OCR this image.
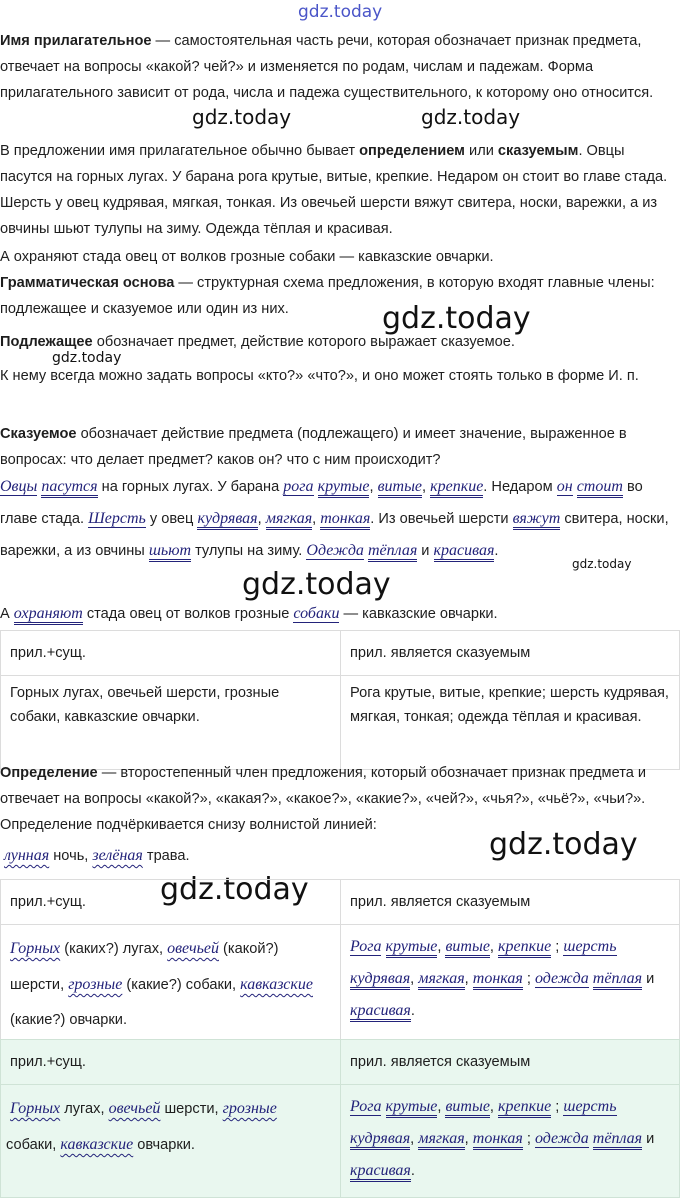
gdz.today
gdz.today	gdz.today
gdz.today
gdz.today
gdz.today
gdz.today
gdz.today
gdz.today

Имя прилагательное — самостоятельная часть речи, которая обозначает признак предмета, отвечает на вопросы «какой? чей?» и изменяется по родам, числам и падежам. Форма прилагательного зависит от рода, числа и падежа существительного, к которому оно относится.

В предложении имя прилагательное обычно бывает определением или сказуемым. Овцы пасутся на горных лугах. У барана рога крутые, витые, крепкие. Недаром он стоит во главе стада. Шерсть у овец кудрявая, мягкая, тонкая. Из овечьей шерсти вяжут свитера, носки, варежки, а из овчины шьют тулупы на зиму. Одежда тёплая и красивая.

А охраняют стада овец от волков грозные собаки — кавказские овчарки.

Грамматическая основа — структурная схема предложения, в которую входят главные члены: подлежащее и сказуемое или один из них.

Подлежащее обозначает предмет, действие которого выражает сказуемое.

К нему всегда можно задать вопросы «кто?» «что?», и оно может стоять только в форме И. п.

Сказуемое обозначает действие предмета (подлежащего) и имеет значение, выраженное в вопросах: что делает предмет? каков он? что с ним происходит?

Овцы пасутся на горных лугах. У барана рога крутые, витые, крепкие. Недаром он стоит во главе стада. Шерсть у овец кудрявая, мягкая, тонкая. Из овечьей шерсти вяжут свитера, носки, варежки, а из овчины шьют тулупы на зиму. Одежда тёплая и красивая.

А охраняют стада овец от волков грозные собаки — кавказские овчарки.

прил.+сущ.	прил. является сказуемым
Горных лугах, овечьей шерсти, грозные собаки, кавказские овчарки.	Рога крутые, витые, крепкие; шерсть кудрявая, мягкая, тонкая; одежда тёплая и красивая.

Определение — второстепенный член предложения, который обозначает признак предмета и отвечает на вопросы «какой?», «какая?», «какое?», «какие?», «чей?», «чья?», «чьё?», «чьи?». Определение подчёркивается снизу волнистой линией:

лунная ночь, зелёная трава.

прил.+сущ.	прил. является сказуемым
Горных (каких?) лугах, овечьей (какой?) шерсти, грозные (какие?) собаки, кавказские (какие?) овчарки.	Рога крутые, витые, крепкие ; шерсть кудрявая, мягкая, тонкая ; одежда тёплая и красивая.
прил.+сущ.	прил. является сказуемым
Горных лугах, овечьей шерсти, грозные
собаки, кавказские овчарки.	Рога крутые, витые, крепкие ; шерсть кудрявая, мягкая, тонкая ; одежда тёплая и красивая.
